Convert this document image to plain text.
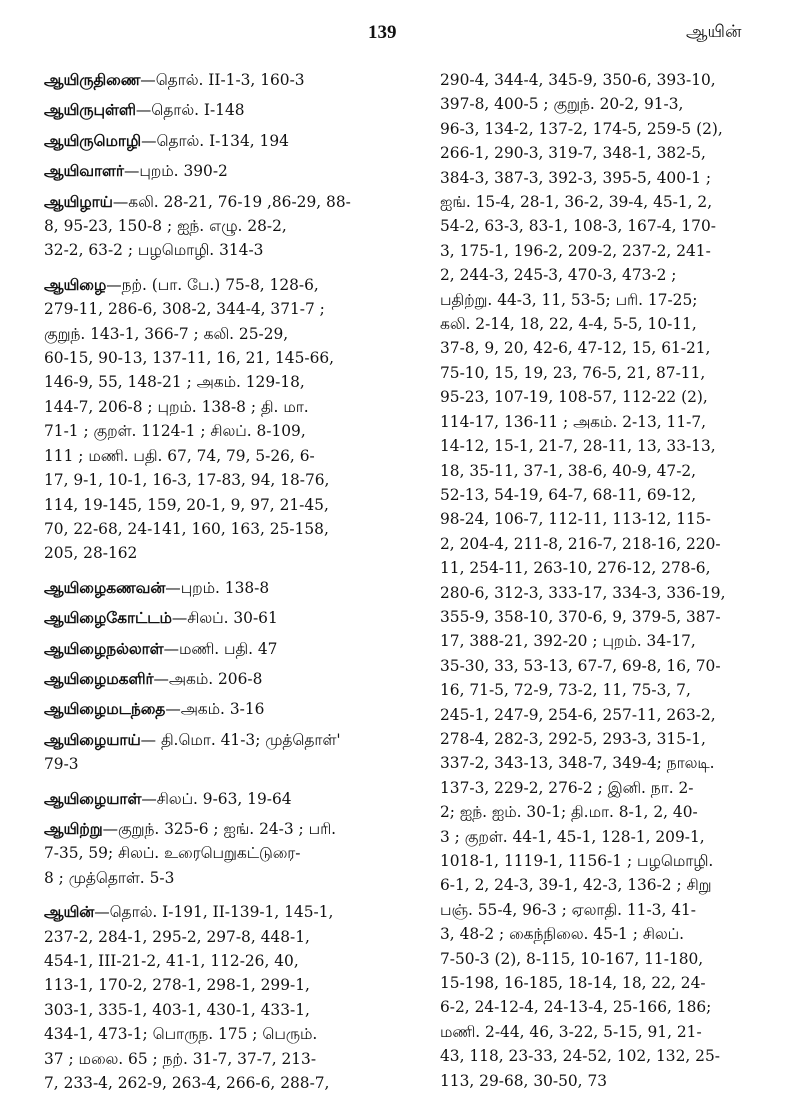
139	ஆயின்
ஆயிருதிணை—தொல். II-1-3, 160-3
ஆயிருபுள்ளி—தொல். I-148
ஆயிருமொழி—தொல். I-134, 194
ஆயிவாளர்—புறம். 390-2
ஆயிழாய்—கலி. 28-21, 76-19 ,86-29, 88-
8, 95-23, 150-8 ; ஐந். எழு. 28-2,
32-2, 63-2 ; பழமொழி. 314-3
ஆயிழை—நற். (பா. பே.) 75-8, 128-6,
279-11, 286-6, 308-2, 344-4, 371-7 ;
குறுந். 143-1, 366-7 ; கலி. 25-29,
60-15, 90-13, 137-11, 16, 21, 145-66,
146-9, 55, 148-21 ; அகம். 129-18,
144-7, 206-8 ; புறம். 138-8 ; தி. மா.
71-1 ; குறள். 1124-1 ; சிலப். 8-109,
111 ; மணி. பதி. 67, 74, 79, 5-26, 6-
17, 9-1, 10-1, 16-3, 17-83, 94, 18-76,
114, 19-145, 159, 20-1, 9, 97, 21-45,
70, 22-68, 24-141, 160, 163, 25-158,
205, 28-162
ஆயிழைகணவன்—புறம். 138-8
ஆயிழைகோட்டம்—சிலப். 30-61
ஆயிழைநல்லாள்—மணி. பதி. 47
ஆயிழைமகளிர்—அகம். 206-8
ஆயிழைமடந்தை—அகம். 3-16
ஆயிழையாய்— தி.மொ. 41-3; முத்தொள்'
79-3
ஆயிழையாள்—சிலப். 9-63, 19-64
ஆயிற்று—குறுந். 325-6 ; ஐங். 24-3 ; பரி.
7-35, 59; சிலப். உரைபெறுகட்டுரை-
8 ; முத்தொள். 5-3
ஆயின்—தொல். I-191, II-139-1, 145-1,
237-2, 284-1, 295-2, 297-8, 448-1,
454-1, III-21-2, 41-1, 112-26, 40,
113-1, 170-2, 278-1, 298-1, 299-1,
303-1, 335-1, 403-1, 430-1, 433-1,
434-1, 473-1; பொருந. 175 ; பெரும்.
37 ; மலை. 65 ; நற். 31-7, 37-7, 213-
7, 233-4, 262-9, 263-4, 266-6, 288-7,
290-4, 344-4, 345-9, 350-6, 393-10,
397-8, 400-5 ; குறுந். 20-2, 91-3,
96-3, 134-2, 137-2, 174-5, 259-5 (2),
266-1, 290-3, 319-7, 348-1, 382-5,
384-3, 387-3, 392-3, 395-5, 400-1 ;
ஐங். 15-4, 28-1, 36-2, 39-4, 45-1, 2,
54-2, 63-3, 83-1, 108-3, 167-4, 170-
3, 175-1, 196-2, 209-2, 237-2, 241-
2, 244-3, 245-3, 470-3, 473-2 ;
பதிற்று. 44-3, 11, 53-5; பரி. 17-25;
கலி. 2-14, 18, 22, 4-4, 5-5, 10-11,
37-8, 9, 20, 42-6, 47-12, 15, 61-21,
75-10, 15, 19, 23, 76-5, 21, 87-11,
95-23, 107-19, 108-57, 112-22 (2),
114-17, 136-11 ; அகம். 2-13, 11-7,
14-12, 15-1, 21-7, 28-11, 13, 33-13,
18, 35-11, 37-1, 38-6, 40-9, 47-2,
52-13, 54-19, 64-7, 68-11, 69-12,
98-24, 106-7, 112-11, 113-12, 115-
2, 204-4, 211-8, 216-7, 218-16, 220-
11, 254-11, 263-10, 276-12, 278-6,
280-6, 312-3, 333-17, 334-3, 336-19,
355-9, 358-10, 370-6, 9, 379-5, 387-
17, 388-21, 392-20 ; புறம். 34-17,
35-30, 33, 53-13, 67-7, 69-8, 16, 70-
16, 71-5, 72-9, 73-2, 11, 75-3, 7,
245-1, 247-9, 254-6, 257-11, 263-2,
278-4, 282-3, 292-5, 293-3, 315-1,
337-2, 343-13, 348-7, 349-4; நாலடி.
137-3, 229-2, 276-2 ; இனி. நா. 2-
2; ஐந். ஐம். 30-1; தி.மா. 8-1, 2, 40-
3 ; குறள். 44-1, 45-1, 128-1, 209-1,
1018-1, 1119-1, 1156-1 ; பழமொழி.
6-1, 2, 24-3, 39-1, 42-3, 136-2 ; சிறு
பஞ். 55-4, 96-3 ; ஏலாதி. 11-3, 41-
3, 48-2 ; கைந்நிலை. 45-1 ; சிலப்.
7-50-3 (2), 8-115, 10-167, 11-180,
15-198, 16-185, 18-14, 18, 22, 24-
6-2, 24-12-4, 24-13-4, 25-166, 186;
மணி. 2-44, 46, 3-22, 5-15, 91, 21-
43, 118, 23-33, 24-52, 102, 132, 25-
113, 29-68, 30-50, 73
